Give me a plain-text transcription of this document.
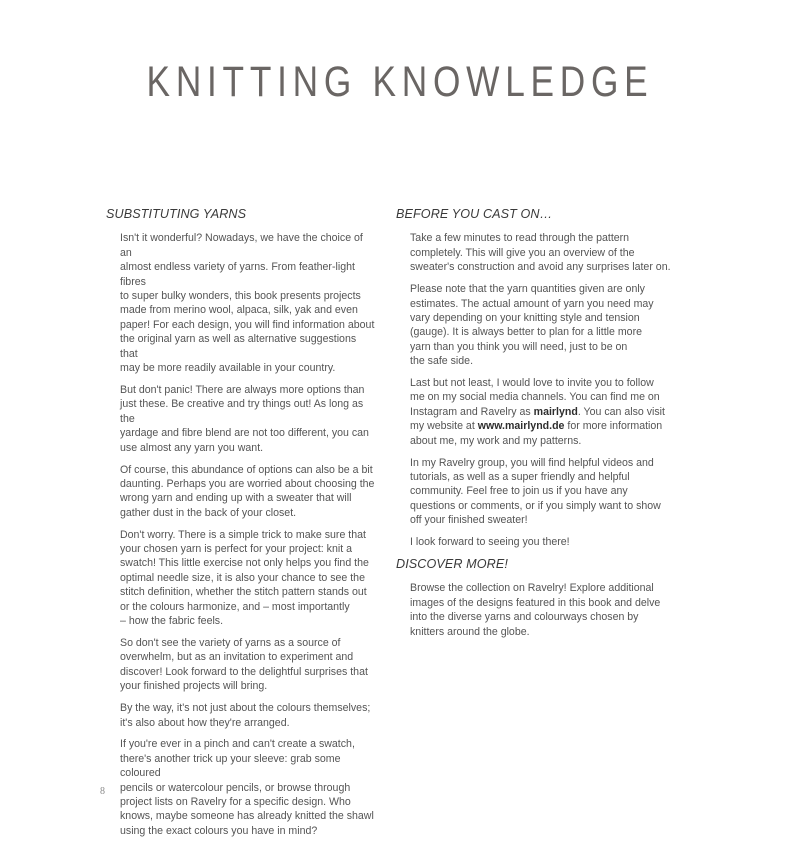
KNITTING KNOWLEDGE
SUBSTITUTING YARNS

Isn't it wonderful? Nowadays, we have the choice of an
almost endless variety of yarns. From feather-light fibres
to super bulky wonders, this book presents projects
made from merino wool, alpaca, silk, yak and even
paper! For each design, you will find information about
the original yarn as well as alternative suggestions that
may be more readily available in your country.

But don't panic! There are always more options than
just these. Be creative and try things out! As long as the
yardage and fibre blend are not too different, you can
use almost any yarn you want.

Of course, this abundance of options can also be a bit
daunting. Perhaps you are worried about choosing the
wrong yarn and ending up with a sweater that will
gather dust in the back of your closet.

Don't worry. There is a simple trick to make sure that
your chosen yarn is perfect for your project: knit a
swatch! This little exercise not only helps you find the
optimal needle size, it is also your chance to see the
stitch definition, whether the stitch pattern stands out
or the colours harmonize, and – most importantly
– how the fabric feels.

So don't see the variety of yarns as a source of
overwhelm, but as an invitation to experiment and
discover! Look forward to the delightful surprises that
your finished projects will bring.

By the way, it's not just about the colours themselves;
it's also about how they're arranged.

If you're ever in a pinch and can't create a swatch,
there's another trick up your sleeve: grab some coloured
pencils or watercolour pencils, or browse through
project lists on Ravelry for a specific design. Who
knows, maybe someone has already knitted the shawl
using the exact colours you have in mind?

BEFORE YOU CAST ON…

Take a few minutes to read through the pattern
completely. This will give you an overview of the
sweater's construction and avoid any surprises later on.

Please note that the yarn quantities given are only
estimates. The actual amount of yarn you need may
vary depending on your knitting style and tension
(gauge). It is always better to plan for a little more
yarn than you think you will need, just to be on
the safe side.

Last but not least, I would love to invite you to follow
me on my social media channels. You can find me on
Instagram and Ravelry as mairlynd. You can also visit
my website at www.mairlynd.de for more information
about me, my work and my patterns.

In my Ravelry group, you will find helpful videos and
tutorials, as well as a super friendly and helpful
community. Feel free to join us if you have any
questions or comments, or if you simply want to show
off your finished sweater!

I look forward to seeing you there!

DISCOVER MORE!

Browse the collection on Ravelry! Explore additional
images of the designs featured in this book and delve
into the diverse yarns and colourways chosen by
knitters around the globe.

8
